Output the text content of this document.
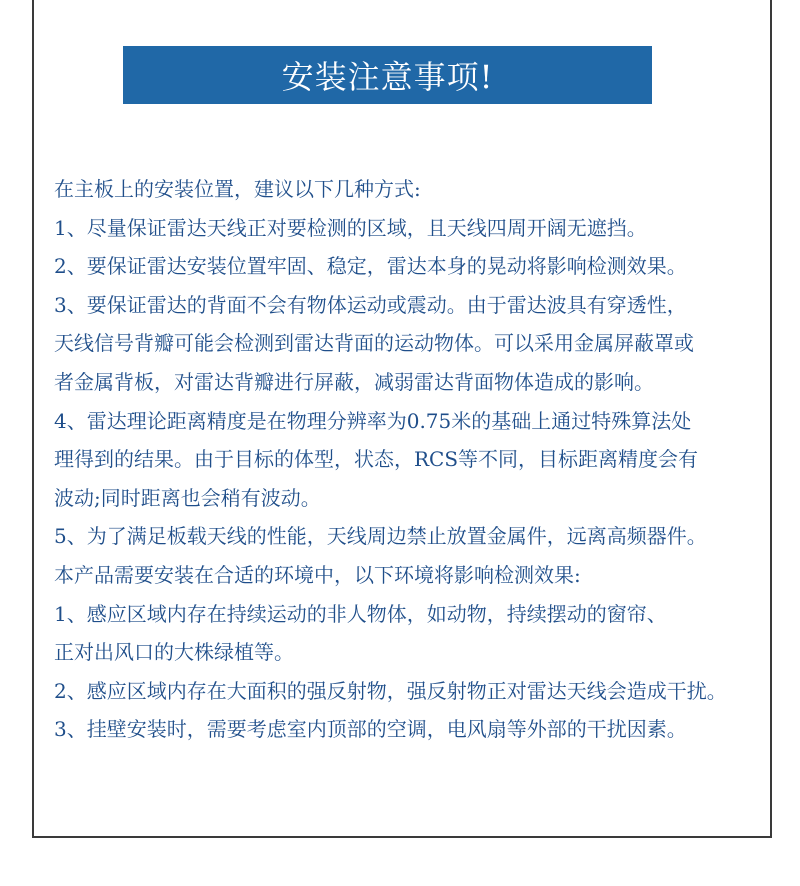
安装注意事项!
在主板上的安装位置，建议以下几种方式:
1、尽量保证雷达天线正对要检测的区域，且天线四周开阔无遮挡。
2、要保证雷达安装位置牢固、稳定，雷达本身的晃动将影响检测效果。
3、要保证雷达的背面不会有物体运动或震动。由于雷达波具有穿透性，
天线信号背瓣可能会检测到雷达背面的运动物体。可以采用金属屏蔽罩或
者金属背板，对雷达背瓣进行屏蔽，减弱雷达背面物体造成的影响。
4、雷达理论距离精度是在物理分辨率为0.75米的基础上通过特殊算法处
理得到的结果。由于目标的体型，状态，RCS等不同，目标距离精度会有
波动;同时距离也会稍有波动。
5、为了满足板载天线的性能，天线周边禁止放置金属件，远离高频器件。
本产品需要安装在合适的环境中，以下环境将影响检测效果:
1、感应区域内存在持续运动的非人物体，如动物，持续摆动的窗帘、
正对出风口的大株绿植等。
2、感应区域内存在大面积的强反射物，强反射物正对雷达天线会造成干扰。
3、挂壁安装时，需要考虑室内顶部的空调，电风扇等外部的干扰因素。
